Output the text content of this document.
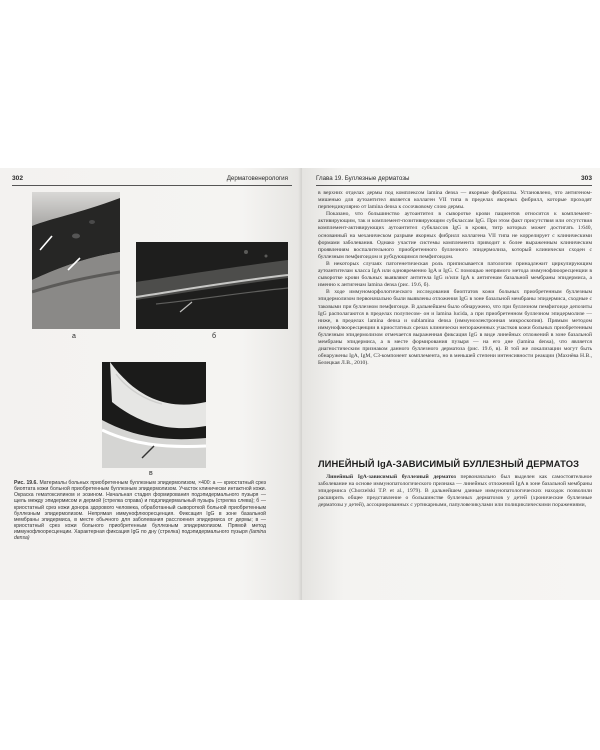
302	Дерматовенерология
а	б
в
Рис. 19.6. Материалы больных приобретенным буллезным эпидермолизом, ×400: а — криостатный срез биоптата кожи больной приобретенным буллезным эпидермолизом. Участок клинически интактной кожи. Окраска гематоксилином и эозином. Начальная стадия формирования подэпидермального пузыря — щель между эпидермисом и дермой (стрелка справа) и подэпидермальный пузырь (стрелка слева); б — криостатный срез кожи донора здорового человека, обработанный сывороткой больной приобретенным буллезным эпидермолизом. Непрямая иммунофлюоресценция. Фиксация IgG в зоне базальной мембраны эпидермиса, в месте обычного для заболевания расслоения эпидермиса от дермы; в — криостатный срез кожи больного приобретенным буллезным эпидермолизом. Прямой метод иммунофлюоресценции. Характерная фиксация IgG по дну (стрелка) подэпидермального пузыря (lamina densa)
Глава 19. Буллезные дерматозы	303

в верхних отделах дермы под комплексом lamina densa — якорные фибриллы. Установлено, что антигеном-мишенью для аутоантител является коллаген VII типа в пределах якорных фибрилл, которые проходят перпендикулярно от lamina densa к сосочковому слою дермы.

Показано, что большинство аутоантител в сыворотке крови пациентов относится к комплемент-активирующим, так и комплемент-позитивирующим субклассам IgG. При этом факт присутствия или отсутствия комплемент-активирующих аутоантител субклассов IgG в крови, титр которых может достигать 1:640, основанный на механическом разрыве якорных фибрилл коллагена VII типа не коррелирует с клиническими формами заболевания. Однако участие системы комплемента приводит к более выраженным клиническим проявлениям воспалительного приобретенного буллезного эпидермолиза, который клинически сходен с буллезным пемфигоидом и рубцующимся пемфигоидом.

В некоторых случаях патогенетическая роль приписывается патологии принадлежит циркулирующим аутоантителам класса IgA или одновременно IgA и IgG. С помощью непрямого метода иммунофлюоресценции в сыворотке крови больных выявляют антитела IgG и/или IgA к антигенам базальной мембраны эпидермиса, а именно к антигенам lamina densa (рис. 19.6, б).

В ходе иммуноморфологического исследования биоптатов кожи больных приобретенным буллезным эпидермолизом первоначально были выявлены отложения IgG в зоне базальной мембраны эпидермиса, сходные с таковыми при буллезном пемфигоиде. В дальнейшем было обнаружено, что при буллезном пемфигоиде депозиты IgG располагаются в пределах полупесом- он и lamina lucida, а при приобретенном буллезном эпидермолизе — ниже, в пределах lamina densa и sublamina densa (иммуноэлектронная микроскопия). Прямым методом иммунофлюоресценции в криостатных срезах клинически непораженных участков кожи больных приобретенным буллезным эпидермолизом отмечается выраженная фиксация IgG в виде линейных отложений в зоне базальной мембраны эпидермиса, а в месте формирования пузыря — на его дне (lamina densa), что является диагностическим признаком данного буллезного дерматоза (рис. 19.6, в). В той же локализации могут быть обнаружены IgA, IgM, C3-компонент комплемента, но в меньшей степени интенсивности реакции (Махнёва Н.В., Белецкая Л.В., 2010).

ЛИНЕЙНЫЙ IgA-ЗАВИСИМЫЙ БУЛЛЕЗНЫЙ ДЕРМАТОЗ

Линейный IgA-зависимый буллезный дерматоз первоначально был выделен как самостоятельное заболевание на основе иммунопатологического признака — линейных отложений IgA в зоне базальной мембраны эпидермиса (Chorzelski T.P. et al., 1979). В дальнейшем данные иммунопатологических находок позволили расширить общее представление о большинстве буллезных дерматозов у детей (хронические буллезные дерматозы у детей), ассоциированных с уртикарными, папуловезикулами или полициклическими поражениями,
